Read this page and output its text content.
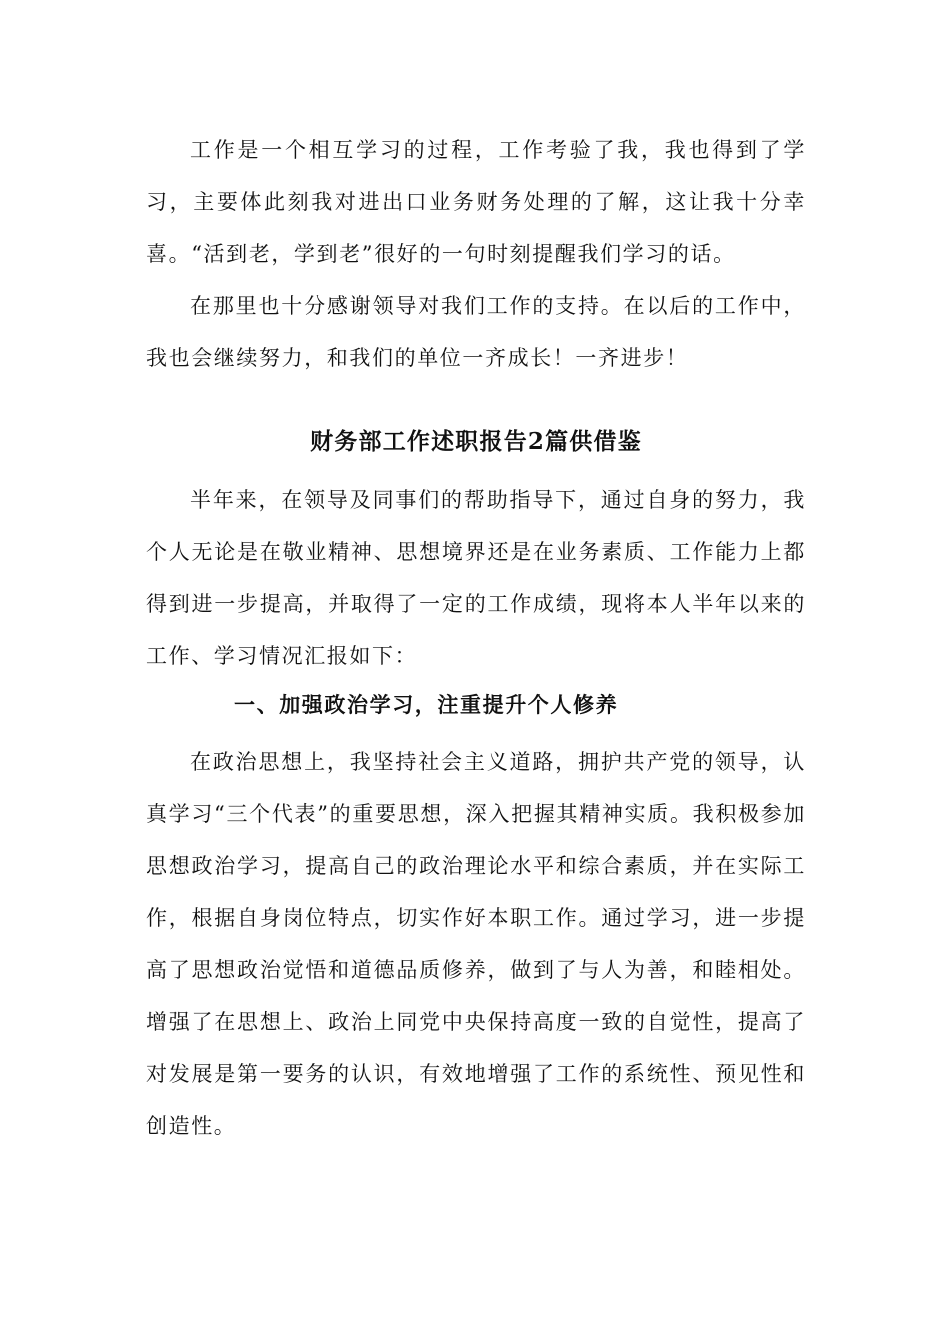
工作是一个相互学习的过程，工作考验了我，我也得到了学习，主要体此刻我对进出口业务财务处理的了解，这让我十分幸喜。“活到老，学到老”很好的一句时刻提醒我们学习的话。

在那里也十分感谢领导对我们工作的支持。在以后的工作中，我也会继续努力，和我们的单位一齐成长！一齐进步！

财务部工作述职报告2篇供借鉴

半年来，在领导及同事们的帮助指导下，通过自身的努力，我个人无论是在敬业精神、思想境界还是在业务素质、工作能力上都得到进一步提高，并取得了一定的工作成绩，现将本人半年以来的工作、学习情况汇报如下：

一、加强政治学习，注重提升个人修养

在政治思想上，我坚持社会主义道路，拥护共产党的领导，认真学习“三个代表”的重要思想，深入把握其精神实质。我积极参加思想政治学习，提高自己的政治理论水平和综合素质，并在实际工作，根据自身岗位特点，切实作好本职工作。通过学习，进一步提高了思想政治觉悟和道德品质修养，做到了与人为善，和睦相处。增强了在思想上、政治上同党中央保持高度一致的自觉性，提高了对发展是第一要务的认识，有效地增强了工作的系统性、预见性和创造性。
